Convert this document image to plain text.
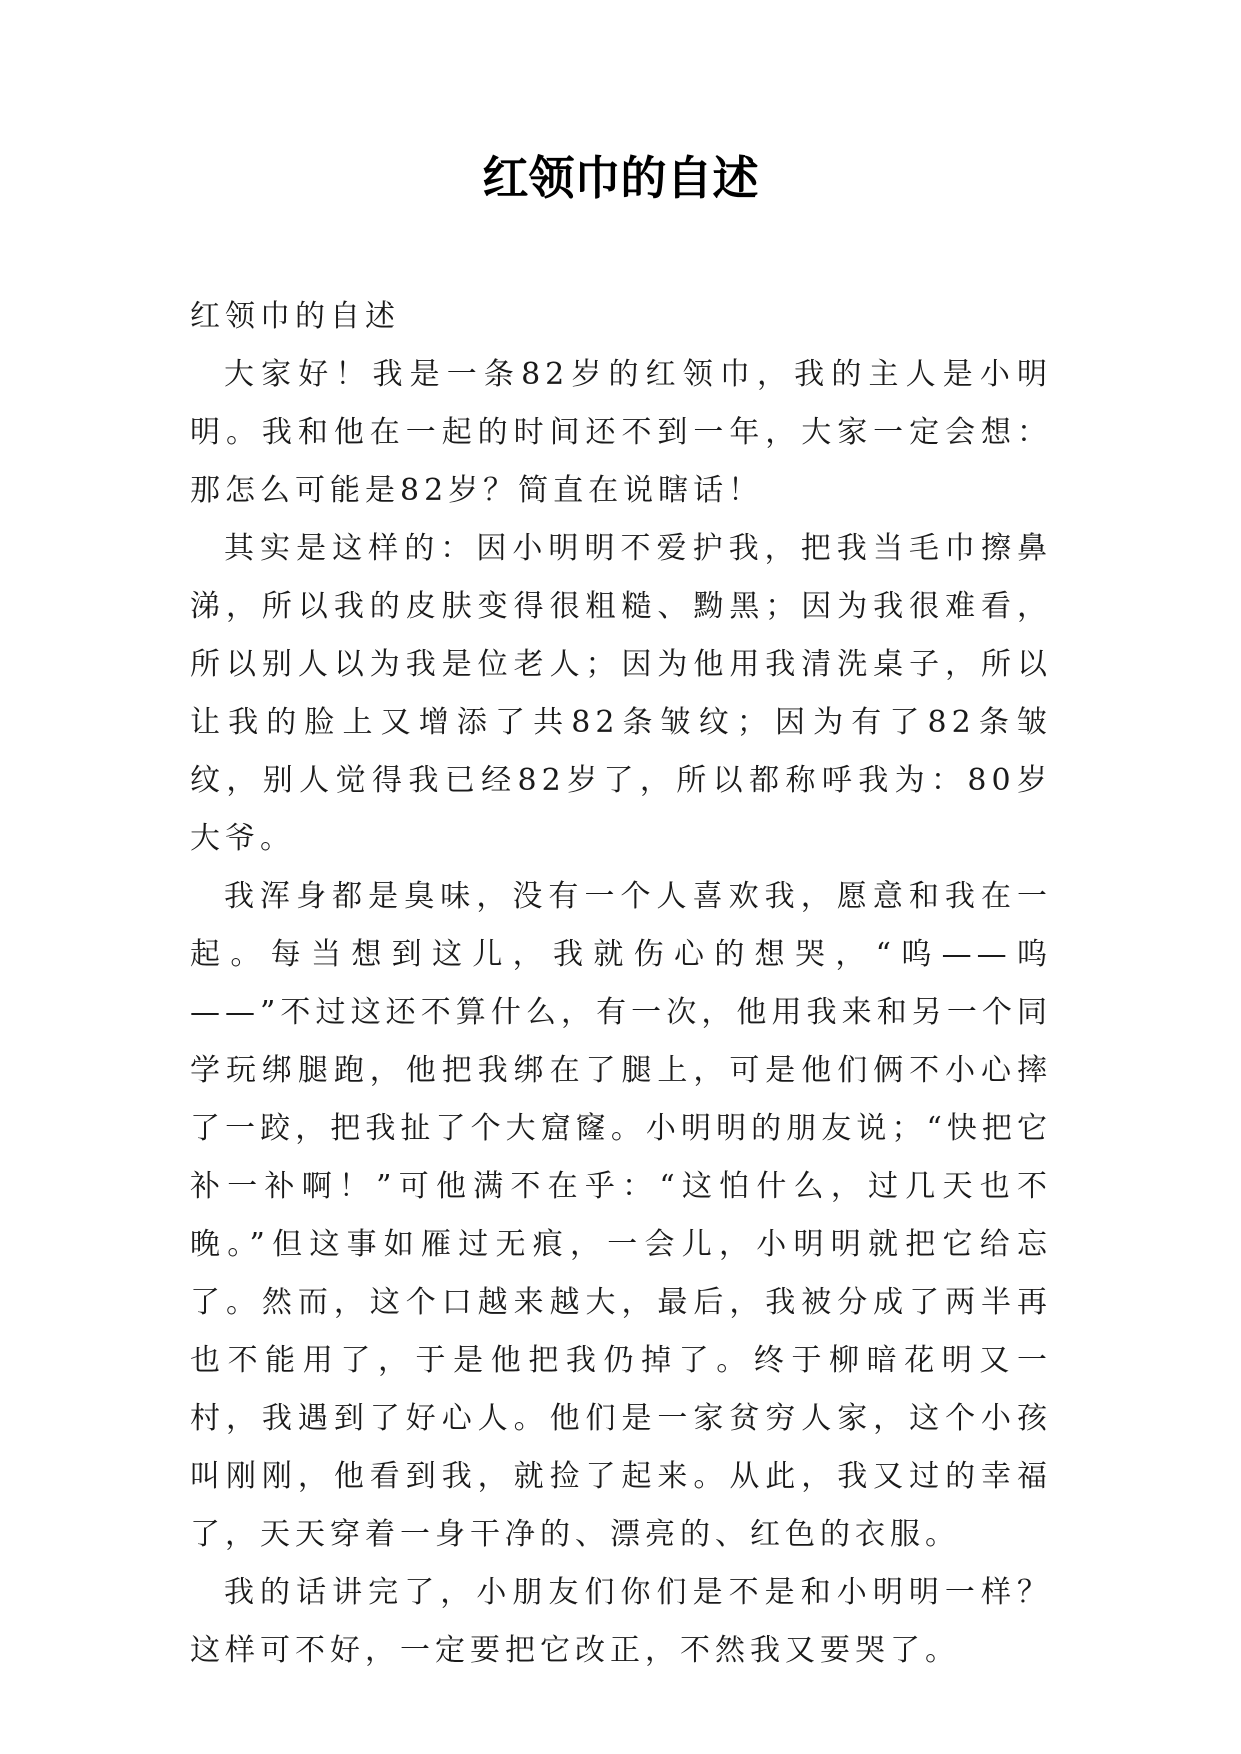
红领巾的自述

红领巾的自述

大家好！我是一条82岁的红领巾，我的主人是小明明。我和他在一起的时间还不到一年，大家一定会想：那怎么可能是82岁？简直在说瞎话！

其实是这样的：因小明明不爱护我，把我当毛巾擦鼻涕，所以我的皮肤变得很粗糙、黝黑；因为我很难看，所以别人以为我是位老人；因为他用我清洗桌子，所以让我的脸上又增添了共82条皱纹；因为有了82条皱纹，别人觉得我已经82岁了，所以都称呼我为：80岁大爷。

我浑身都是臭味，没有一个人喜欢我，愿意和我在一起。每当想到这儿，我就伤心的想哭，“呜——呜——”不过这还不算什么，有一次，他用我来和另一个同学玩绑腿跑，他把我绑在了腿上，可是他们俩不小心摔了一跤，把我扯了个大窟窿。小明明的朋友说；“快把它补一补啊！”可他满不在乎：“这怕什么，过几天也不晚。”但这事如雁过无痕，一会儿，小明明就把它给忘了。然而，这个口越来越大，最后，我被分成了两半再也不能用了，于是他把我仍掉了。终于柳暗花明又一村，我遇到了好心人。他们是一家贫穷人家，这个小孩叫刚刚，他看到我，就捡了起来。从此，我又过的幸福了，天天穿着一身干净的、漂亮的、红色的衣服。

我的话讲完了，小朋友们你们是不是和小明明一样？这样可不好，一定要把它改正，不然我又要哭了。
